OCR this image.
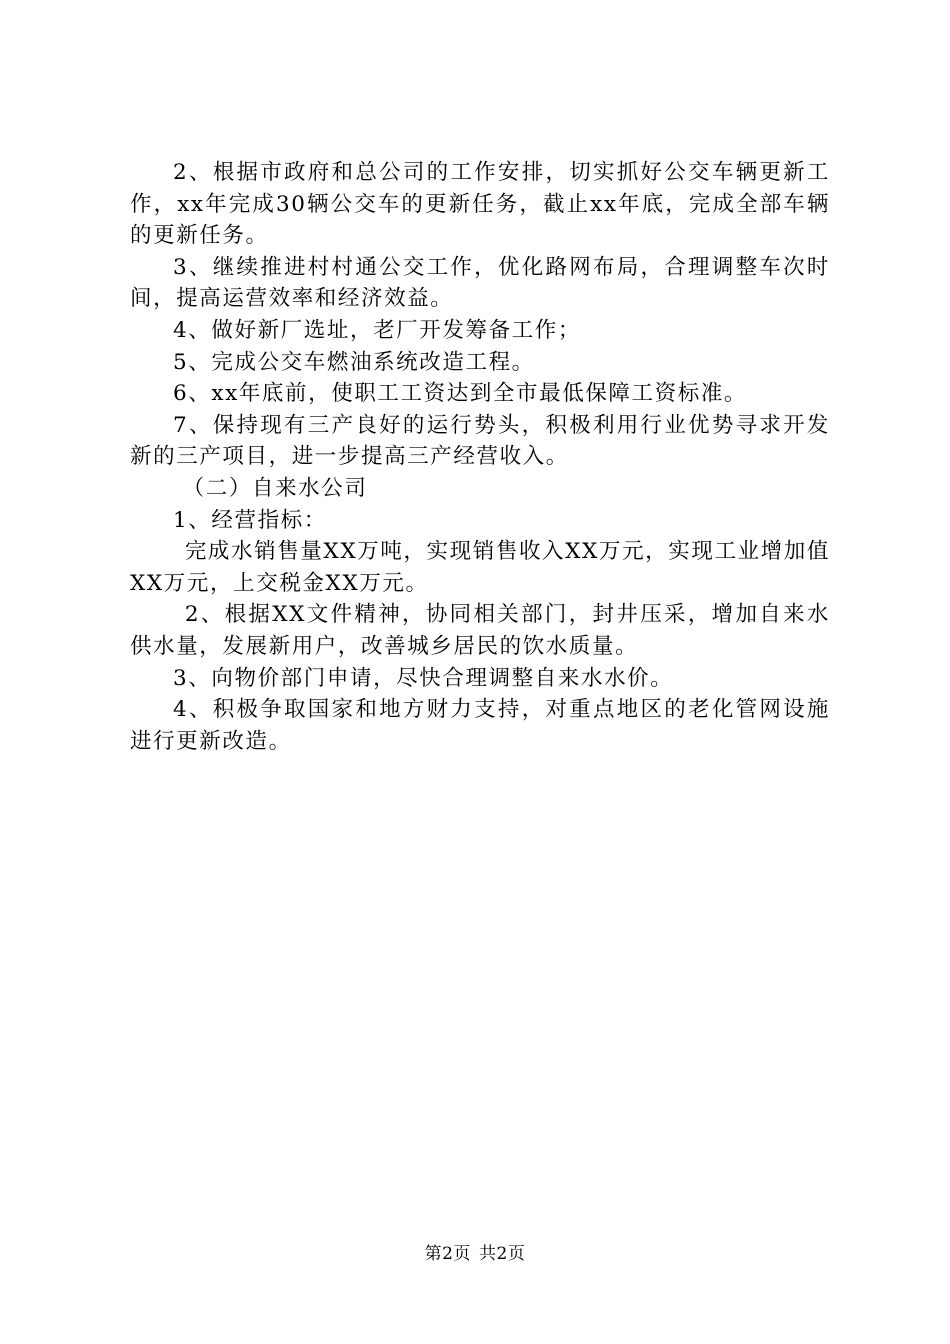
2、根据市政府和总公司的工作安排，切实抓好公交车辆更新工作，xx年完成30辆公交车的更新任务，截止xx年底，完成全部车辆的更新任务。

3、继续推进村村通公交工作，优化路网布局，合理调整车次时间，提高运营效率和经济效益。

4、做好新厂选址，老厂开发筹备工作；

5、完成公交车燃油系统改造工程。

6、xx年底前，使职工工资达到全市最低保障工资标准。

7、保持现有三产良好的运行势头，积极利用行业优势寻求开发新的三产项目，进一步提高三产经营收入。

（二）自来水公司

1、经营指标：

完成水销售量XX万吨，实现销售收入XX万元，实现工业增加值XX万元，上交税金XX万元。

2、根据XX文件精神，协同相关部门，封井压采，增加自来水供水量，发展新用户，改善城乡居民的饮水质量。

3、向物价部门申请，尽快合理调整自来水水价。

4、积极争取国家和地方财力支持，对重点地区的老化管网设施进行更新改造。

第2页 共2页
